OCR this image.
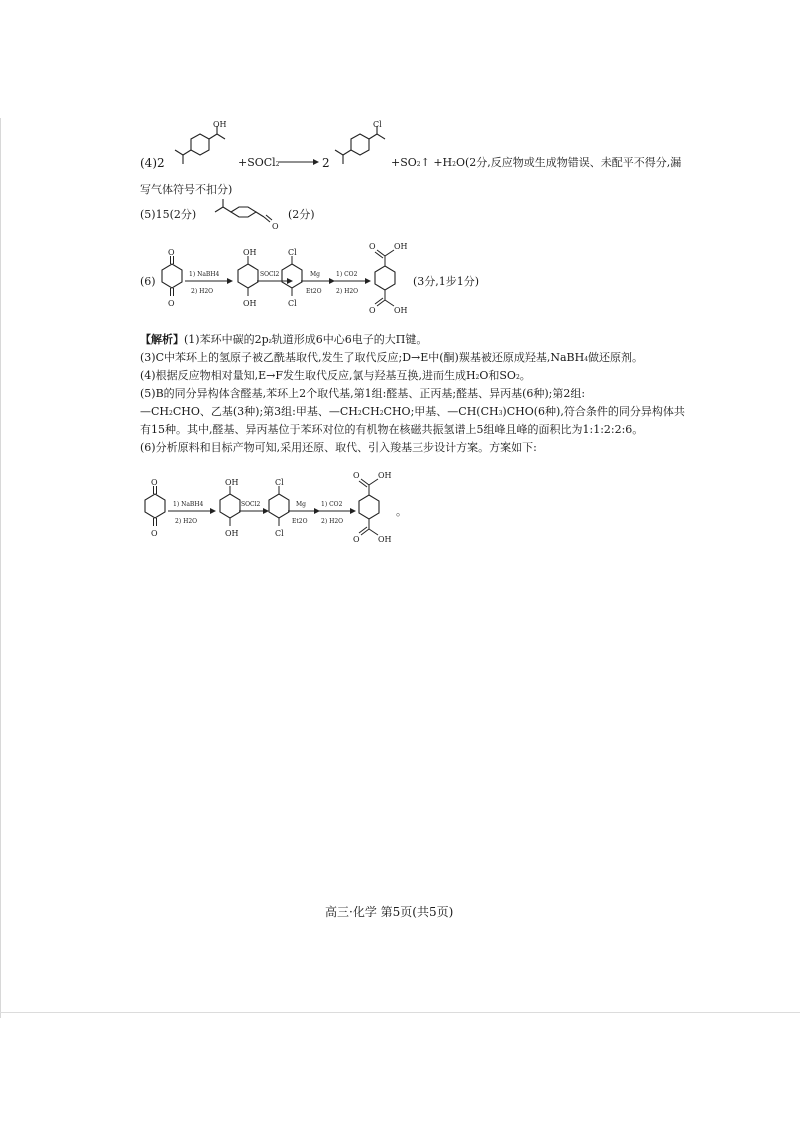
OH
(4)2	+SOCl2 → 2
Cl
+SO2↑ +H2O(2分,反应物或生成物错误、未配平不得分,漏
写气体符号不扣分)
(5)15(2分)
O
(2分)
(6)
O
O
1) NaBH4
2) H2O
OH
OH
SOCl2
Cl
Cl
Mg
Et2O
1) CO2
2) H2O
O OH
O OH
(3分,1步1分)
【解析】(1)苯环中碳的2pz轨道形成6中心6电子的大Π键。
(3)C中苯环上的氢原子被乙酰基取代,发生了取代反应;D→E中(酮)羰基被还原成羟基,NaBH4做还原剂。
(4)根据反应物相对量知,E→F发生取代反应,氯与羟基互换,进而生成H2O和SO2。
(5)B的同分异构体含醛基,苯环上2个取代基,第1组:醛基、正丙基;醛基、异丙基(6种);第2组:
—CH2CHO、乙基(3种);第3组:甲基、—CH2CH2CHO;甲基、—CH(CH3)CHO(6种),符合条件的同分异构体共
有15种。其中,醛基、异丙基位于苯环对位的有机物在核磁共振氢谱上5组峰且峰的面积比为1:1:2:2:6。
(6)分析原料和目标产物可知,采用还原、取代、引入羧基三步设计方案。方案如下:
O
O
1) NaBH4
2) H2O
OH
OH
SOCl2
Cl
Cl
Mg
Et2O
1) CO2
2) H2O
O OH
O OH
。
高三·化学 第5页(共5页)
